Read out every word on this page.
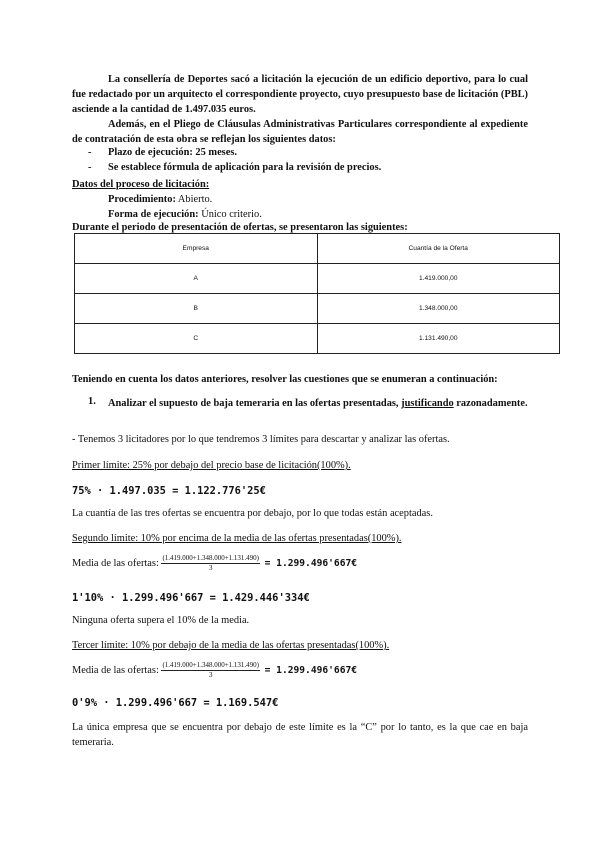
La consellería de Deportes sacó a licitación la ejecución de un edificio deportivo, para lo cual fue redactado por un arquitecto el correspondiente proyecto, cuyo presupuesto base de licitación (PBL) asciende a la cantidad de 1.497.035 euros.
Además, en el Pliego de Cláusulas Administrativas Particulares correspondiente al expediente de contratación de esta obra se reflejan los siguientes datos:
- Plazo de ejecución: 25 meses.
- Se establece fórmula de aplicación para la revisión de precios.
Datos del proceso de licitación:
Procedimiento: Abierto.
Forma de ejecución: Único criterio.
Durante el periodo de presentación de ofertas, se presentaron las siguientes:
Empresa	Cuantía de la Oferta
A	1.419.000,00
B	1.348.000,00
C	1.131.490,00
Teniendo en cuenta los datos anteriores, resolver las cuestiones que se enumeran a continuación:
1. Analizar el supuesto de baja temeraria en las ofertas presentadas, justificando razonadamente.
- Tenemos 3 licitadores por lo que tendremos 3 límites para descartar y analizar las ofertas.
Primer límite: 25% por debajo del precio base de licitación(100%).
75% · 1.497.035 = 1.122.776'25€
La cuantía de las tres ofertas se encuentra por debajo, por lo que todas están aceptadas.
Segundo límite: 10% por encima de la media de las ofertas presentadas(100%).
Media de las ofertas: $\frac{(1.419.000+1.348.000+1.131.490)}{3}$ = 1.299.496'667€
1'10% · 1.299.496'667 = 1.429.446'334€
Ninguna oferta supera el 10% de la media.
Tercer límite: 10% por debajo de la media de las ofertas presentadas(100%).
Media de las ofertas: $\frac{(1.419.000+1.348.000+1.131.490)}{3}$ = 1.299.496'667€
0'9% · 1.299.496'667 = 1.169.547€
La única empresa que se encuentra por debajo de este límite es la “C” por lo tanto, es la que cae en baja temeraria.
